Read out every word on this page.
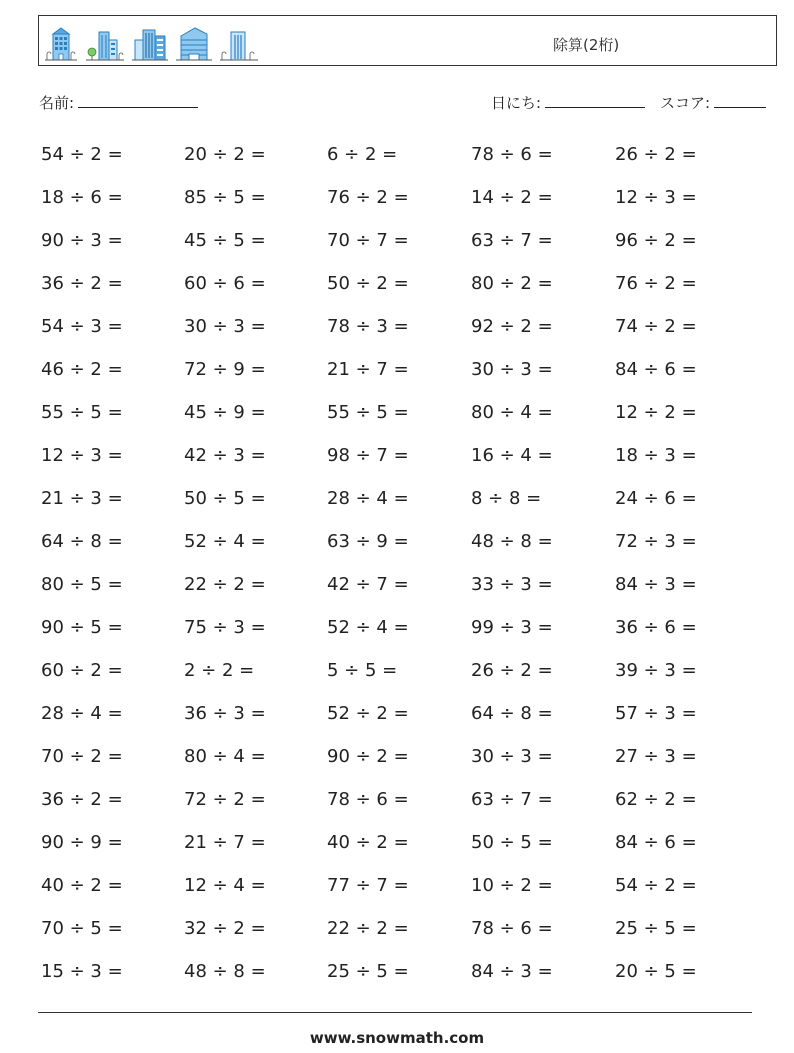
除算(2桁)
名前:	日にち:	スコア:
54 ÷ 2 =	20 ÷ 2 =	6 ÷ 2 =	78 ÷ 6 =	26 ÷ 2 =
18 ÷ 6 =	85 ÷ 5 =	76 ÷ 2 =	14 ÷ 2 =	12 ÷ 3 =
90 ÷ 3 =	45 ÷ 5 =	70 ÷ 7 =	63 ÷ 7 =	96 ÷ 2 =
36 ÷ 2 =	60 ÷ 6 =	50 ÷ 2 =	80 ÷ 2 =	76 ÷ 2 =
54 ÷ 3 =	30 ÷ 3 =	78 ÷ 3 =	92 ÷ 2 =	74 ÷ 2 =
46 ÷ 2 =	72 ÷ 9 =	21 ÷ 7 =	30 ÷ 3 =	84 ÷ 6 =
55 ÷ 5 =	45 ÷ 9 =	55 ÷ 5 =	80 ÷ 4 =	12 ÷ 2 =
12 ÷ 3 =	42 ÷ 3 =	98 ÷ 7 =	16 ÷ 4 =	18 ÷ 3 =
21 ÷ 3 =	50 ÷ 5 =	28 ÷ 4 =	8 ÷ 8 =	24 ÷ 6 =
64 ÷ 8 =	52 ÷ 4 =	63 ÷ 9 =	48 ÷ 8 =	72 ÷ 3 =
80 ÷ 5 =	22 ÷ 2 =	42 ÷ 7 =	33 ÷ 3 =	84 ÷ 3 =
90 ÷ 5 =	75 ÷ 3 =	52 ÷ 4 =	99 ÷ 3 =	36 ÷ 6 =
60 ÷ 2 =	2 ÷ 2 =	5 ÷ 5 =	26 ÷ 2 =	39 ÷ 3 =
28 ÷ 4 =	36 ÷ 3 =	52 ÷ 2 =	64 ÷ 8 =	57 ÷ 3 =
70 ÷ 2 =	80 ÷ 4 =	90 ÷ 2 =	30 ÷ 3 =	27 ÷ 3 =
36 ÷ 2 =	72 ÷ 2 =	78 ÷ 6 =	63 ÷ 7 =	62 ÷ 2 =
90 ÷ 9 =	21 ÷ 7 =	40 ÷ 2 =	50 ÷ 5 =	84 ÷ 6 =
40 ÷ 2 =	12 ÷ 4 =	77 ÷ 7 =	10 ÷ 2 =	54 ÷ 2 =
70 ÷ 5 =	32 ÷ 2 =	22 ÷ 2 =	78 ÷ 6 =	25 ÷ 5 =
15 ÷ 3 =	48 ÷ 8 =	25 ÷ 5 =	84 ÷ 3 =	20 ÷ 5 =
www.snowmath.com
